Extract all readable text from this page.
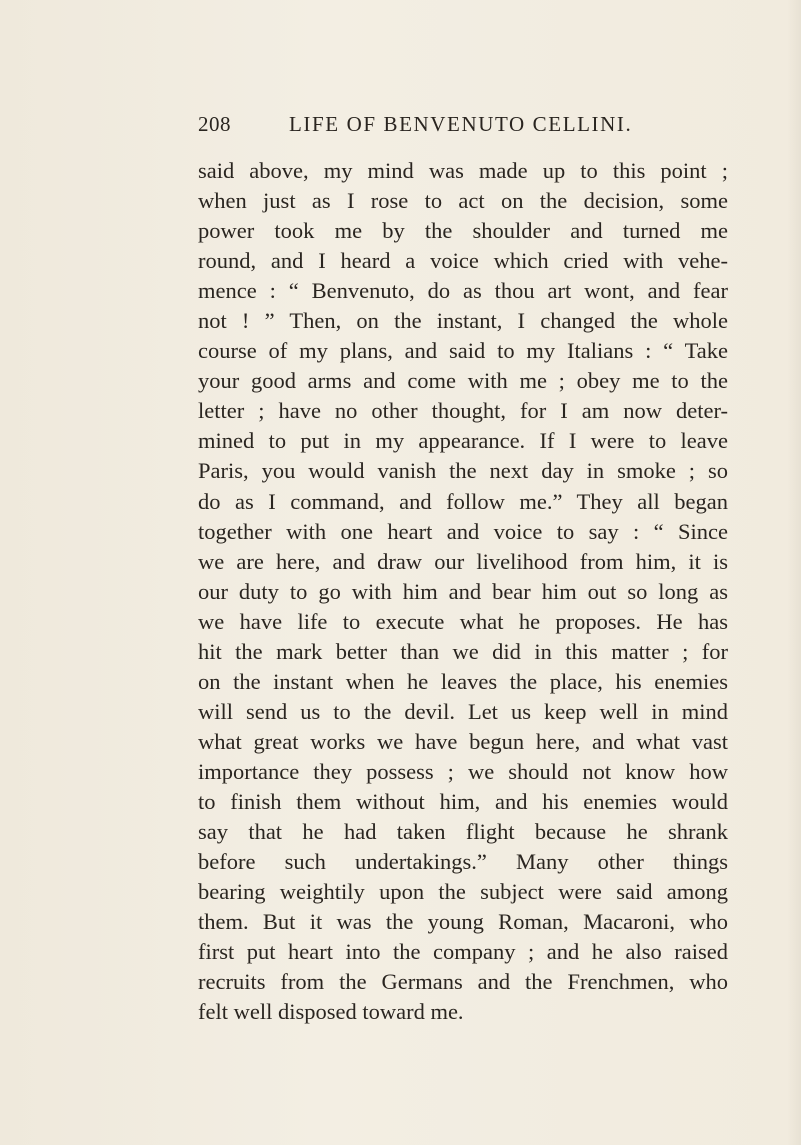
208	LIFE OF BENVENUTO CELLINI.
said above, my mind was made up to this point ;
when just as I rose to act on the decision, some
power took me by the shoulder and turned me
round, and I heard a voice which cried with vehe-
mence : “ Benvenuto, do as thou art wont, and fear
not ! ” Then, on the instant, I changed the whole
course of my plans, and said to my Italians : “ Take
your good arms and come with me ; obey me to the
letter ; have no other thought, for I am now deter-
mined to put in my appearance. If I were to leave
Paris, you would vanish the next day in smoke ; so
do as I command, and follow me.” They all began
together with one heart and voice to say : “ Since
we are here, and draw our livelihood from him, it is
our duty to go with him and bear him out so long as
we have life to execute what he proposes. He has
hit the mark better than we did in this matter ; for
on the instant when he leaves the place, his enemies
will send us to the devil. Let us keep well in mind
what great works we have begun here, and what vast
importance they possess ; we should not know how
to finish them without him, and his enemies would
say that he had taken flight because he shrank
before such undertakings.” Many other things
bearing weightily upon the subject were said among
them. But it was the young Roman, Macaroni, who
first put heart into the company ; and he also raised
recruits from the Germans and the Frenchmen, who
felt well disposed toward me.
